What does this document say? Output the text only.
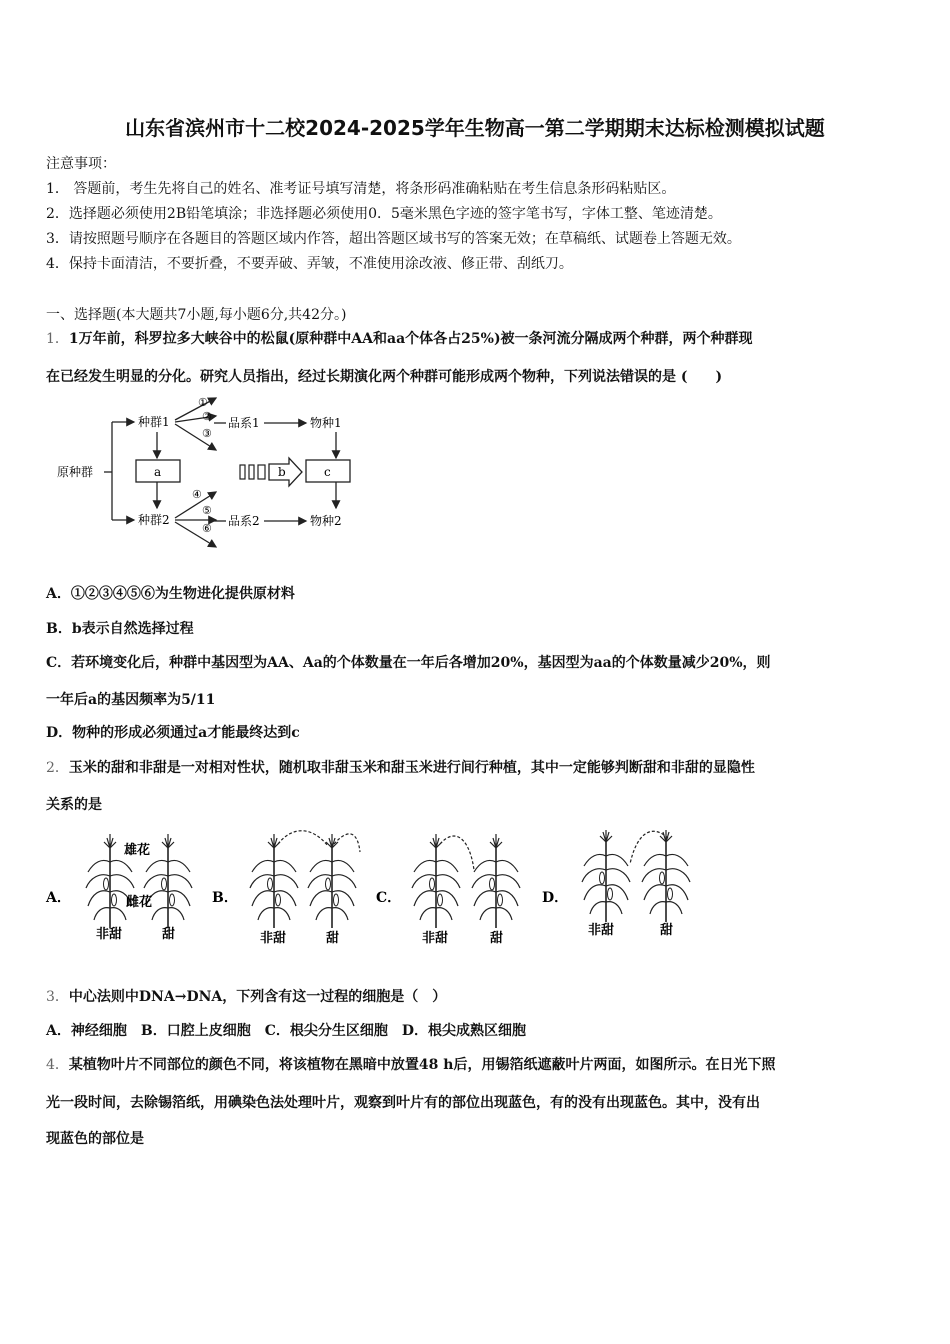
山东省滨州市十二校2024-2025学年生物高一第二学期期末达标检测模拟试题
注意事项：
1． 答题前，考生先将自己的姓名、准考证号填写清楚，将条形码准确粘贴在考生信息条形码粘贴区。
2．选择题必须使用2B铅笔填涂；非选择题必须使用0．5毫米黑色字迹的签字笔书写，字体工整、笔迹清楚。
3．请按照题号顺序在各题目的答题区域内作答，超出答题区域书写的答案无效；在草稿纸、试题卷上答题无效。
4．保持卡面清洁，不要折叠，不要弄破、弄皱，不准使用涂改液、修正带、刮纸刀。
一、选择题(本大题共7小题,每小题6分,共42分。)
1．1万年前，科罗拉多大峡谷中的松鼠(原种群中AA和aa个体各占25%)被一条河流分隔成两个种群，两个种群现
在已经发生明显的分化。研究人员指出，经过长期演化两个种群可能形成两个物种，下列说法错误的是 (　　)
原种群
种群1
种群2
a
①
②
③
④
⑤
⑥
品系1
品系2
物种1
物种2
b	c
A．①②③④⑤⑥为生物进化提供原材料
B．b表示自然选择过程
C．若环境变化后，种群中基因型为AA、Aa的个体数量在一年后各增加20%，基因型为aa的个体数量减少20%，则
一年后a的基因频率为5/11
D．物种的形成必须通过a才能最终达到c
2．玉米的甜和非甜是一对相对性状，随机取非甜玉米和甜玉米进行间行种植，其中一定能够判断甜和非甜的显隐性
关系的是
A．
雄花
雌花
非甜	甜
B．
非甜	甜
C．
非甜	甜
D．
非甜	甜
3．中心法则中DNA→DNA，下列含有这一过程的细胞是（　）
A．神经细胞　B．口腔上皮细胞　C．根尖分生区细胞　D．根尖成熟区细胞
4．某植物叶片不同部位的颜色不同，将该植物在黑暗中放置48 h后，用锡箔纸遮蔽叶片两面，如图所示。在日光下照
光一段时间，去除锡箔纸，用碘染色法处理叶片，观察到叶片有的部位出现蓝色，有的没有出现蓝色。其中，没有出
现蓝色的部位是
